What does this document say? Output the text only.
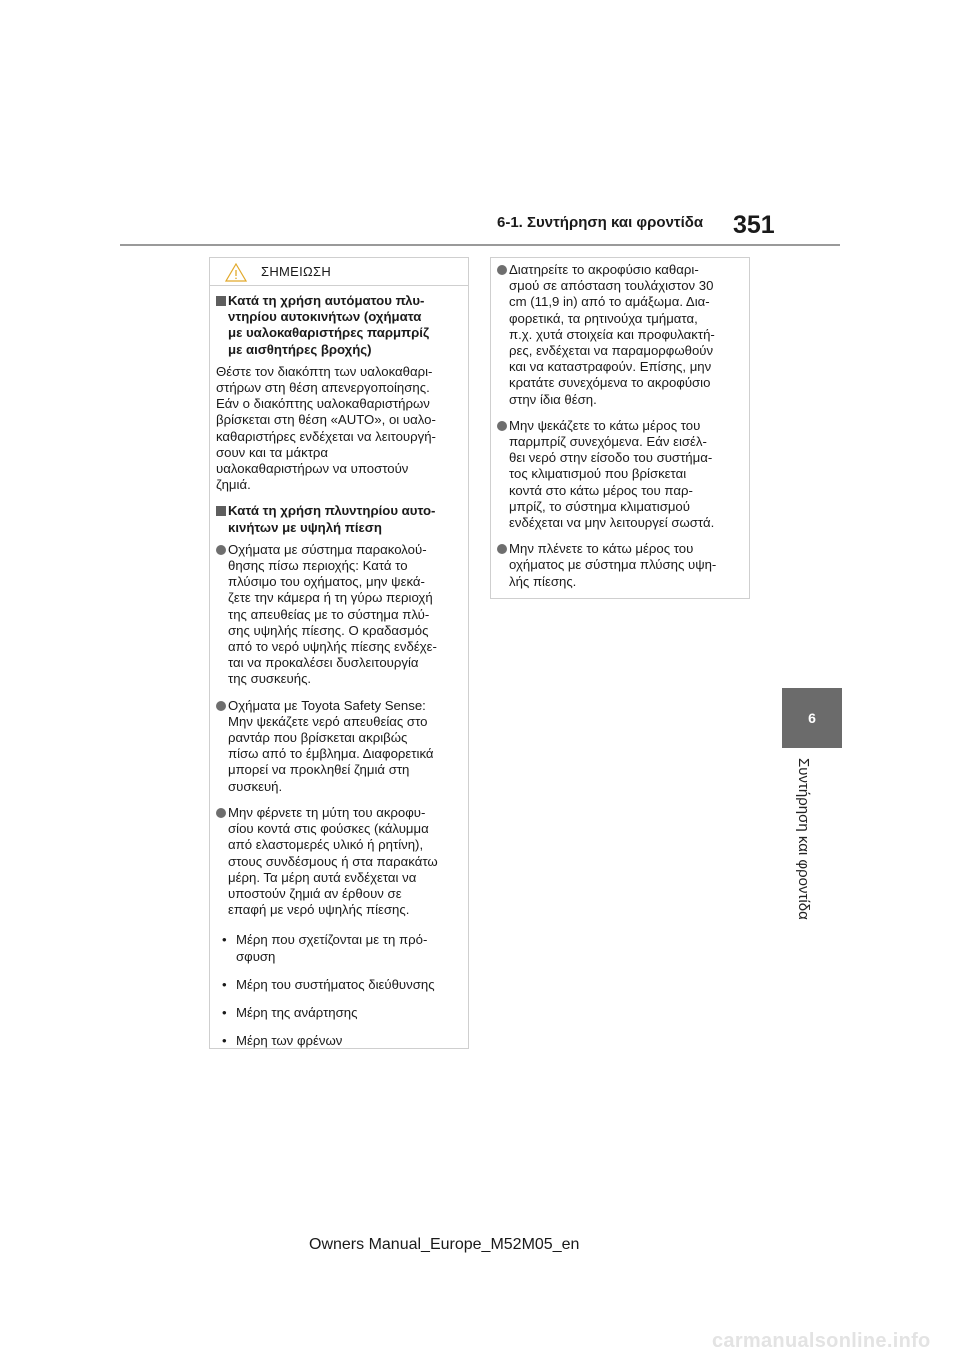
6-1. Συντήρηση και φροντίδα 351
6
Συντήρηση και φροντίδα
ΣΗΜΕΙΩΣΗ
Κατά τη χρήση αυτόματου πλυ-
ντηρίου αυτοκινήτων (οχήματα
με υαλοκαθαριστήρες παρμπρίζ
με αισθητήρες βροχής)
Θέστε τον διακόπτη των υαλοκαθαρι-
στήρων στη θέση απενεργοποίησης.
Εάν ο διακόπτης υαλοκαθαριστήρων
βρίσκεται στη θέση «AUTO», οι υαλο-
καθαριστήρες ενδέχεται να λειτουργή-
σουν και τα μάκτρα
υαλοκαθαριστήρων να υποστούν
ζημιά.
Κατά τη χρήση πλυντηρίου αυτο-
κινήτων με υψηλή πίεση
Οχήματα με σύστημα παρακολού-
θησης πίσω περιοχής: Κατά το
πλύσιμο του οχήματος, μην ψεκά-
ζετε την κάμερα ή τη γύρω περιοχή
της απευθείας με το σύστημα πλύ-
σης υψηλής πίεσης. Ο κραδασμός
από το νερό υψηλής πίεσης ενδέχε-
ται να προκαλέσει δυσλειτουργία
της συσκευής.
Οχήματα με Toyota Safety Sense:
Μην ψεκάζετε νερό απευθείας στο
ραντάρ που βρίσκεται ακριβώς
πίσω από το έμβλημα. Διαφορετικά
μπορεί να προκληθεί ζημιά στη
συσκευή.
Μην φέρνετε τη μύτη του ακροφυ-
σίου κοντά στις φούσκες (κάλυμμα
από ελαστομερές υλικό ή ρητίνη),
στους συνδέσμους ή στα παρακάτω
μέρη. Τα μέρη αυτά ενδέχεται να
υποστούν ζημιά αν έρθουν σε
επαφή με νερό υψηλής πίεσης.
• Μέρη που σχετίζονται με τη πρό-
σφυση
• Μέρη του συστήματος διεύθυνσης
• Μέρη της ανάρτησης
• Μέρη των φρένων
Διατηρείτε το ακροφύσιο καθαρι-
σμού σε απόσταση τουλάχιστον 30
cm (11,9 in) από το αμάξωμα. Δια-
φορετικά, τα ρητινούχα τμήματα,
π.χ. χυτά στοιχεία και προφυλακτή-
ρες, ενδέχεται να παραμορφωθούν
και να καταστραφούν. Επίσης, μην
κρατάτε συνεχόμενα το ακροφύσιο
στην ίδια θέση.
Μην ψεκάζετε το κάτω μέρος του
παρμπρίζ συνεχόμενα. Εάν εισέλ-
θει νερό στην είσοδο του συστήμα-
τος κλιματισμού που βρίσκεται
κοντά στο κάτω μέρος του παρ-
μπρίζ, το σύστημα κλιματισμού
ενδέχεται να μην λειτουργεί σωστά.
Μην πλένετε το κάτω μέρος του
οχήματος με σύστημα πλύσης υψη-
λής πίεσης.
Owners Manual_Europe_M52M05_en
carmanualsonline.info
